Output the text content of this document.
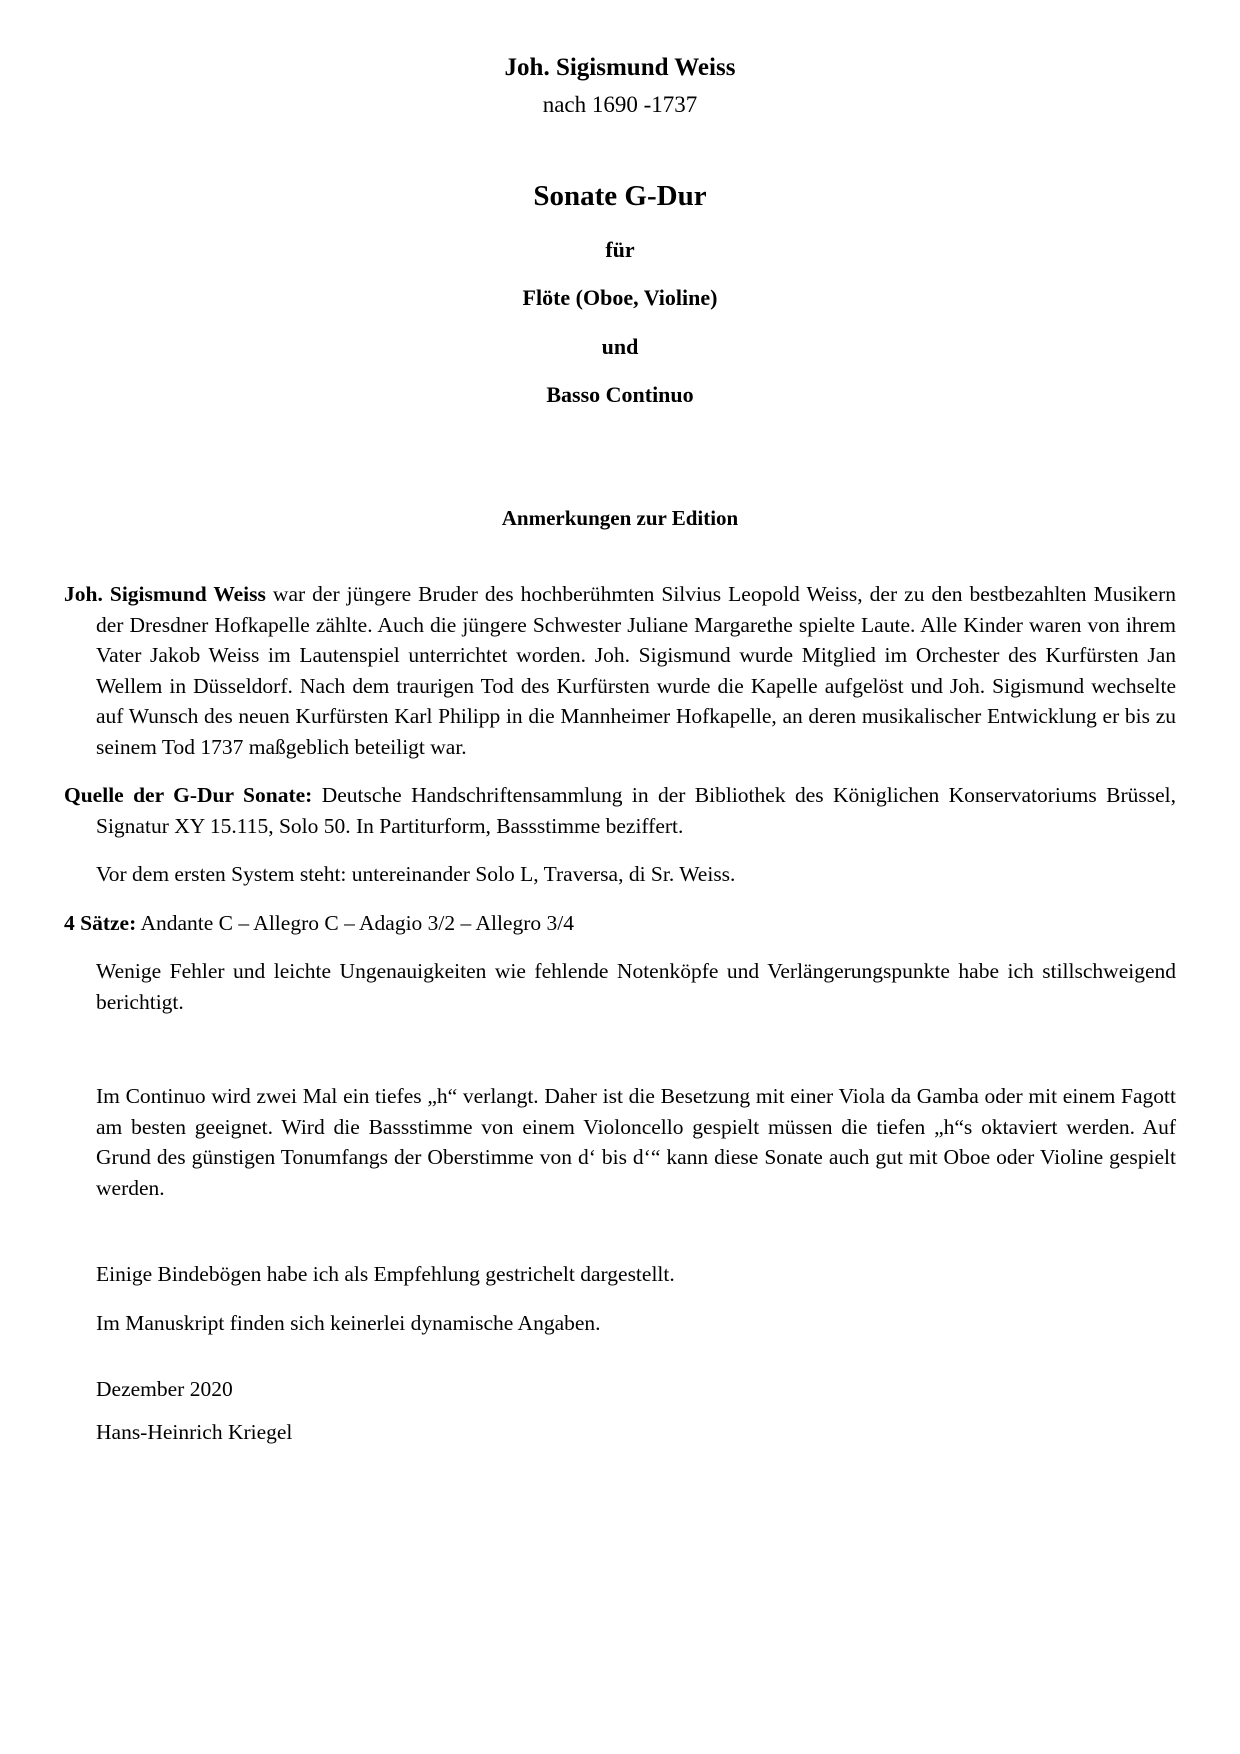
Joh. Sigismund Weiss
nach 1690 -1737
Sonate G-Dur
für
Flöte (Oboe, Violine)
und
Basso Continuo
Anmerkungen zur Edition

Joh. Sigismund Weiss war der jüngere Bruder des hochberühmten Silvius Leopold Weiss, der zu den bestbezahlten Musikern der Dresdner Hofkapelle zählte. Auch die jüngere Schwester Juliane Margarethe spielte Laute. Alle Kinder waren von ihrem Vater Jakob Weiss im Lautenspiel unterrichtet worden. Joh. Sigismund wurde Mitglied im Orchester des Kurfürsten Jan Wellem in Düsseldorf. Nach dem traurigen Tod des Kurfürsten wurde die Kapelle aufgelöst und Joh. Sigismund wechselte auf Wunsch des neuen Kurfürsten Karl Philipp in die Mannheimer Hofkapelle, an deren musikalischer Entwicklung er bis zu seinem Tod 1737 maßgeblich beteiligt war.

Quelle der G-Dur Sonate: Deutsche Handschriftensammlung in der Bibliothek des Königlichen Konservatoriums Brüssel, Signatur XY 15.115, Solo 50. In Partiturform, Bassstimme beziffert.

Vor dem ersten System steht: untereinander Solo L, Traversa, di Sr. Weiss.

4 Sätze: Andante C – Allegro C – Adagio 3/2 – Allegro 3/4

Wenige Fehler und leichte Ungenauigkeiten wie fehlende Notenköpfe und Verlängerungspunkte habe ich stillschweigend berichtigt.

Im Continuo wird zwei Mal ein tiefes „h“ verlangt. Daher ist die Besetzung mit einer Viola da Gamba oder mit einem Fagott am besten geeignet. Wird die Bassstimme von einem Violoncello gespielt müssen die tiefen „h“s oktaviert werden. Auf Grund des günstigen Tonumfangs der Oberstimme von d‘ bis d‘“ kann diese Sonate auch gut mit Oboe oder Violine gespielt werden.

Einige Bindebögen habe ich als Empfehlung gestrichelt dargestellt.

Im Manuskript finden sich keinerlei dynamische Angaben.

Dezember 2020
Hans-Heinrich Kriegel
